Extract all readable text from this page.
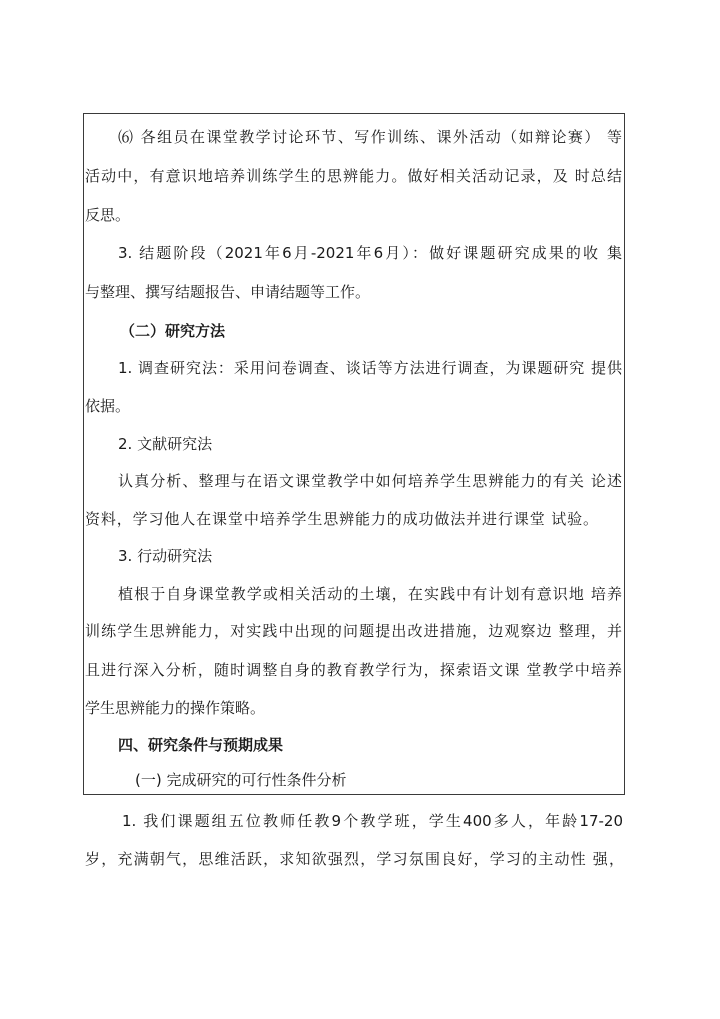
⑹ 各组员在课堂教学讨论环节、写作训练、课外活动（如辩论赛） 等
活动中，有意识地培养训练学生的思辨能力。做好相关活动记录，及 时总结
反思。
3. 结题阶段（2021年6月-2021年6月）：做好课题研究成果的收 集
与整理、撰写结题报告、申请结题等工作。
（二）研究方法
1. 调查研究法：采用问卷调查、谈话等方法进行调查，为课题研究 提供
依据。
2. 文献研究法
认真分析、整理与在语文课堂教学中如何培养学生思辨能力的有关 论述
资料，学习他人在课堂中培养学生思辨能力的成功做法并进行课堂 试验。
3. 行动研究法
植根于自身课堂教学或相关活动的土壤，在实践中有计划有意识地 培养
训练学生思辨能力，对实践中出现的问题提出改进措施，边观察边 整理，并
且进行深入分析，随时调整自身的教育教学行为，探索语文课 堂教学中培养
学生思辨能力的操作策略。
四、研究条件与预期成果
(一) 完成研究的可行性条件分析
1. 我们课题组五位教师任教9个教学班，学生400多人，年龄17-20
岁，充满朝气，思维活跃，求知欲强烈，学习氛围良好，学习的主动性 强，
